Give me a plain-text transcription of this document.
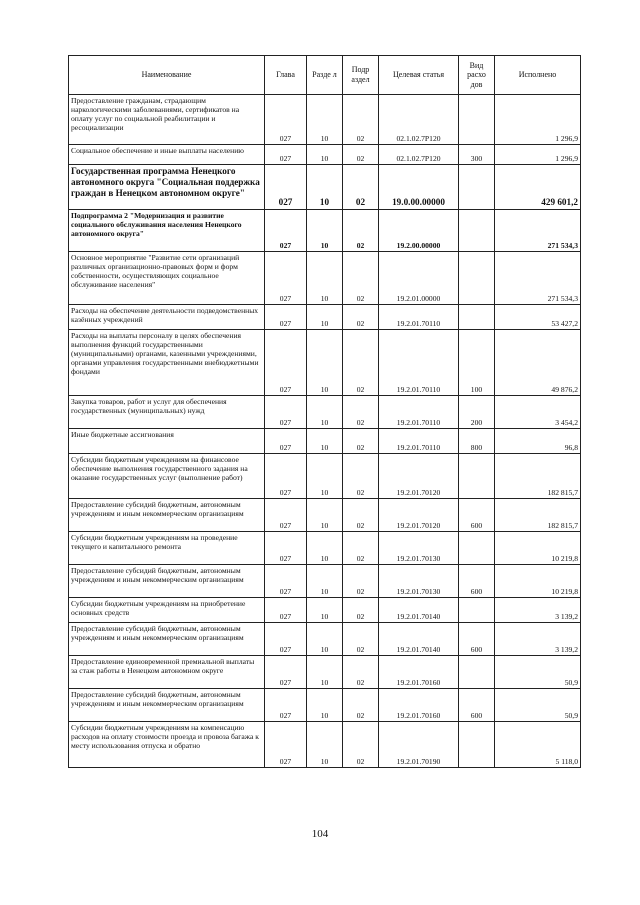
Наименование	Глава	Разде л	Подр аздел	Целевая статья	Вид расхо дов	Исполнено
Предоставление гражданам, страдающим наркологическими заболеваниями, сертификатов на оплату услуг по социальной реабилитации и ресоциализации	027	10	02	02.1.02.7Р120		1 296,9
Социальное обеспечение и иные выплаты населению	027	10	02	02.1.02.7Р120	300	1 296,9
Государственная программа Ненецкого автономного округа "Социальная поддержка граждан в Ненецком автономном округе"	027	10	02	19.0.00.00000		429 601,2
Подпрограмма 2 "Модернизация и развитие социального обслуживания населения Ненецкого автономного округа"	027	10	02	19.2.00.00000		271 534,3
Основное мероприятие "Развитие сети организаций различных организационно-правовых форм и форм собственности, осуществляющих социальное обслуживание населения"	027	10	02	19.2.01.00000		271 534,3
Расходы на обеспечение деятельности подведомственных казённых учреждений	027	10	02	19.2.01.70110		53 427,2
Расходы на выплаты персоналу в целях обеспечения выполнения функций государственными (муниципальными) органами, казенными учреждениями, органами управления государственными внебюджетными фондами	027	10	02	19.2.01.70110	100	49 876,2
Закупка товаров, работ и услуг для обеспечения государственных (муниципальных) нужд	027	10	02	19.2.01.70110	200	3 454,2
Иные бюджетные ассигнования	027	10	02	19.2.01.70110	800	96,8
Субсидии бюджетным учреждениям на финансовое обеспечение выполнения государственного задания на оказание государственных услуг (выполнение работ)	027	10	02	19.2.01.70120		182 815,7
Предоставление субсидий бюджетным, автономным учреждениям и иным некоммерческим организациям	027	10	02	19.2.01.70120	600	182 815,7
Субсидии бюджетным учреждениям на проведение текущего и капитального ремонта	027	10	02	19.2.01.70130		10 219,8
Предоставление субсидий бюджетным, автономным учреждениям и иным некоммерческим организациям	027	10	02	19.2.01.70130	600	10 219,8
Субсидии бюджетным учреждениям на приобретение основных средств	027	10	02	19.2.01.70140		3 139,2
Предоставление субсидий бюджетным, автономным учреждениям и иным некоммерческим организациям	027	10	02	19.2.01.70140	600	3 139,2
Предоставление единовременной премиальной выплаты за стаж работы в Ненецком автономном округе	027	10	02	19.2.01.70160		50,9
Предоставление субсидий бюджетным, автономным учреждениям и иным некоммерческим организациям	027	10	02	19.2.01.70160	600	50,9
Субсидии бюджетным учреждениям на компенсацию расходов на оплату стоимости проезда и провоза багажа к месту использования отпуска и обратно	027	10	02	19.2.01.70190		5 118,0
104
